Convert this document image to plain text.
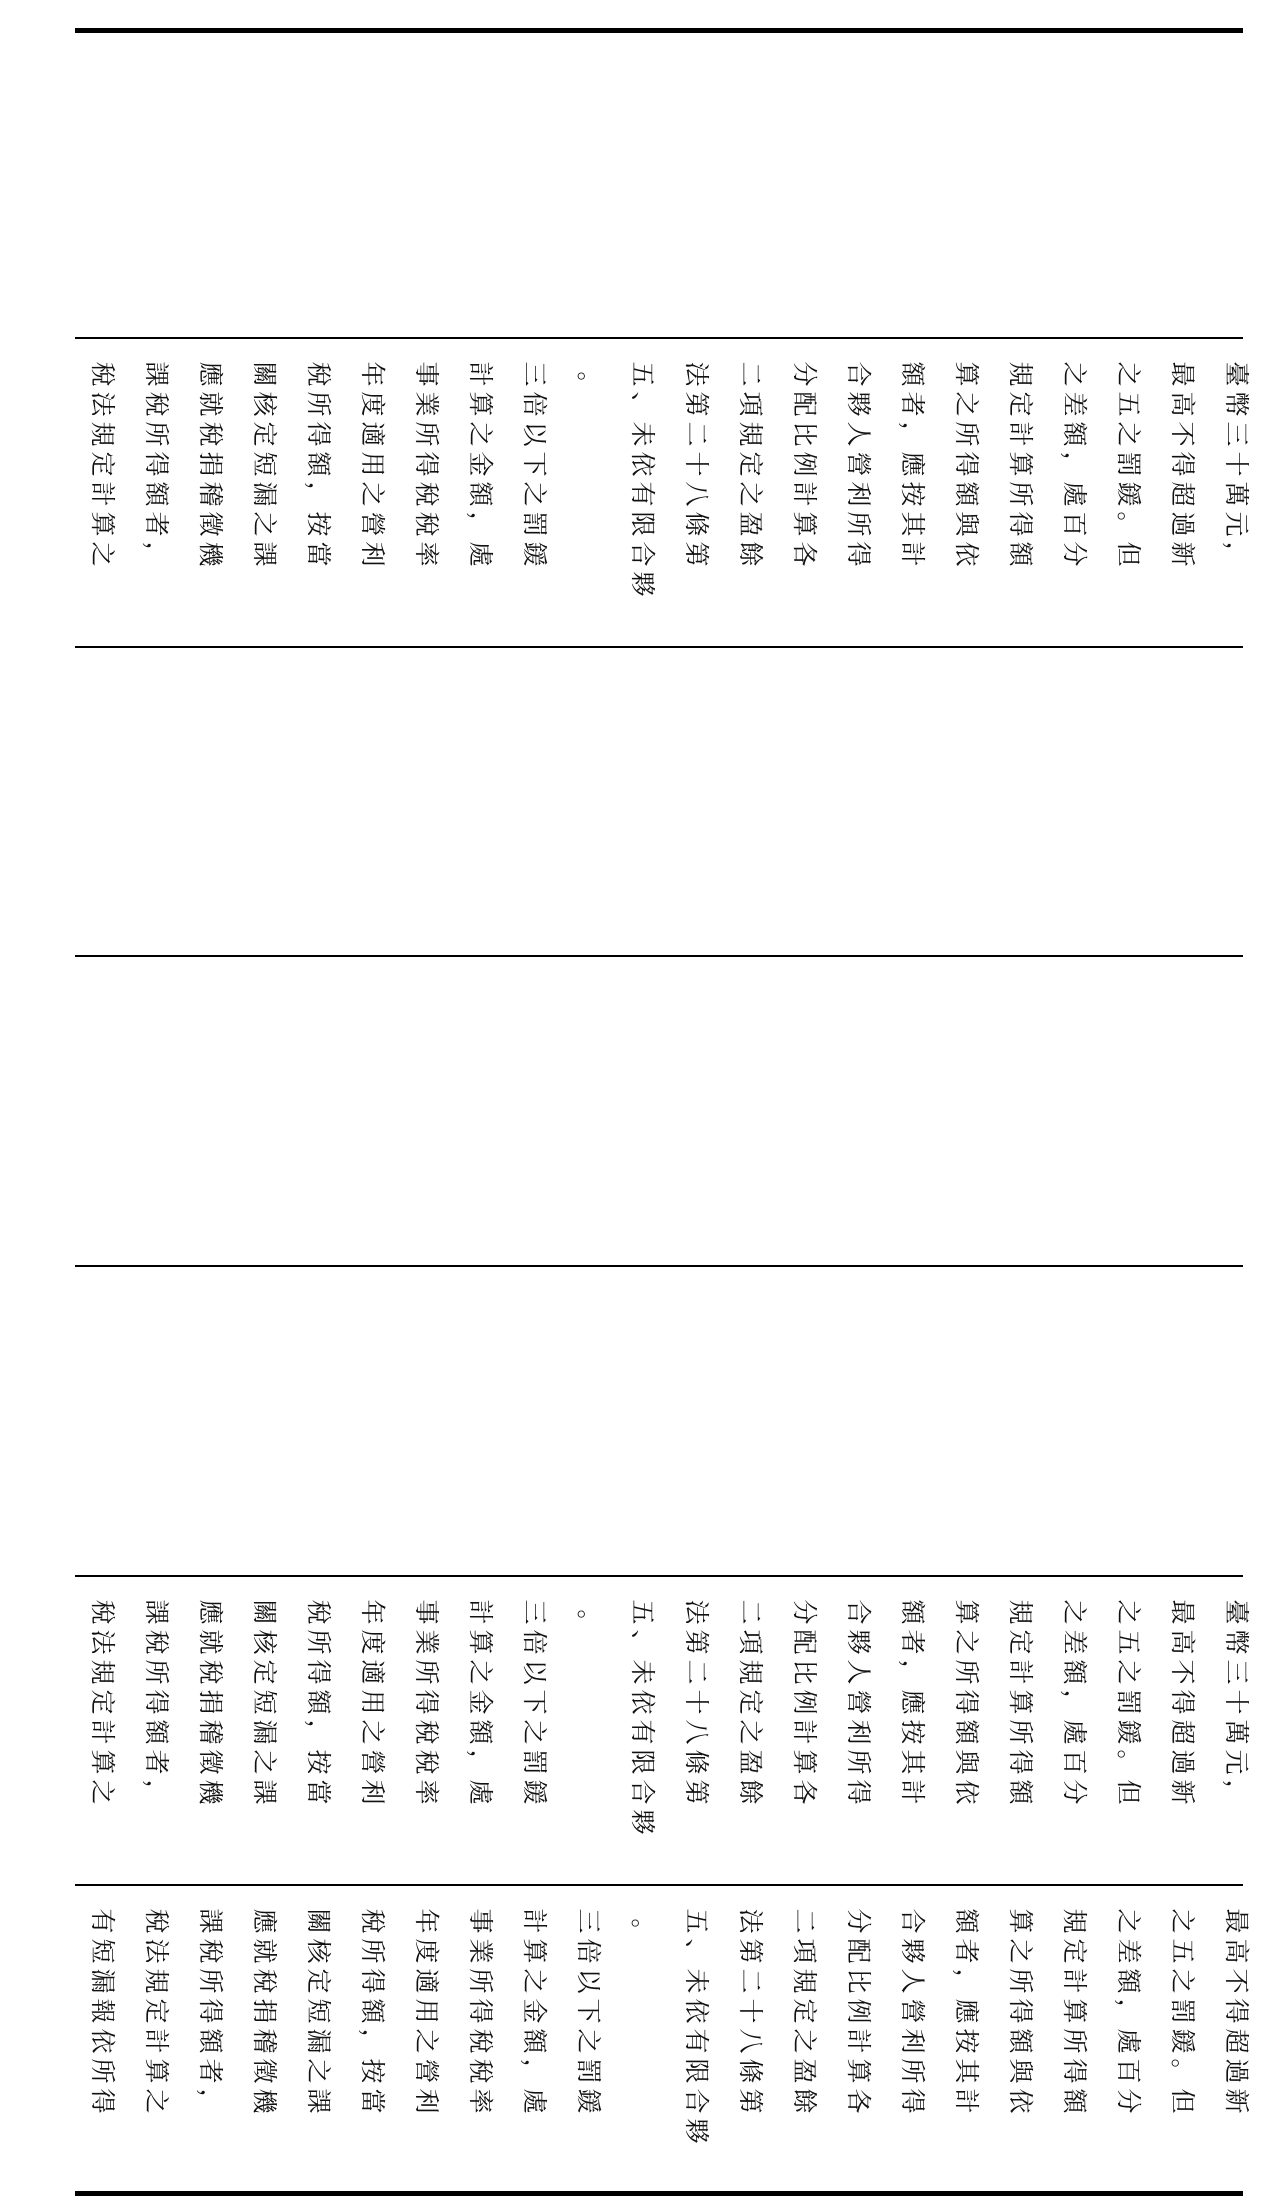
稅
法
規
定
計
算
之
課
稅
所
得
額
者
，
應
就
稅
捐
稽
徵
機
關
核
定
短
漏
之
課
稅
所
得
額
，
按
當
年
度
適
用
之
營
利
事
業
所
得
稅
稅
率
計
算
之
金
額
，
處
三
倍
以
下
之
罰
鍰
。 五
、
未
依
有
限
合
夥
法
第
二
十
八
條
第
二
項
規
定
之
盈
餘
分
配
比
例
計
算
各
合
夥
人
營
利
所
得
額
者
，
應
按
其
計
算
之
所
得
額
與
依
規
定
計
算
所
得
額
之
差
額
，
處
百
分
之
五
之
罰
鍰
。
但
最
高
不
得
超
過
新
臺
幣
三
十
萬
元
，
稅
法
規
定
計
算
之
課
稅
所
得
額
者
，
應
就
稅
捐
稽
徵
機
關
核
定
短
漏
之
課
稅
所
得
額
，
按
當
年
度
適
用
之
營
利
事
業
所
得
稅
稅
率
計
算
之
金
額
，
處
三
倍
以
下
之
罰
鍰
。 五
、
未
依
有
限
合
夥
法
第
二
十
八
條
第
二
項
規
定
之
盈
餘
分
配
比
例
計
算
各
合
夥
人
營
利
所
得
額
者
，
應
按
其
計
算
之
所
得
額
與
依
規
定
計
算
所
得
額
之
差
額
，
處
百
分
之
五
之
罰
鍰
。
但
最
高
不
得
超
過
新
臺
幣
三
十
萬
元
，
有
短
漏
報
依
所
得
稅
法
規
定
計
算
之
課
稅
所
得
額
者
，
應
就
稅
捐
稽
徵
機
關
核
定
短
漏
之
課
稅
所
得
額
，
按
當
年
度
適
用
之
營
利
事
業
所
得
稅
稅
率
計
算
之
金
額
，
處
三
倍
以
下
之
罰
鍰
。 五
、
未
依
有
限
合
夥
法
第
二
十
八
條
第
二
項
規
定
之
盈
餘
分
配
比
例
計
算
各
合
夥
人
營
利
所
得
額
者
，
應
按
其
計
算
之
所
得
額
與
依
規
定
計
算
所
得
額
之
差
額
，
處
百
分
之
五
之
罰
鍰
。
但
最
高
不
得
超
過
新
